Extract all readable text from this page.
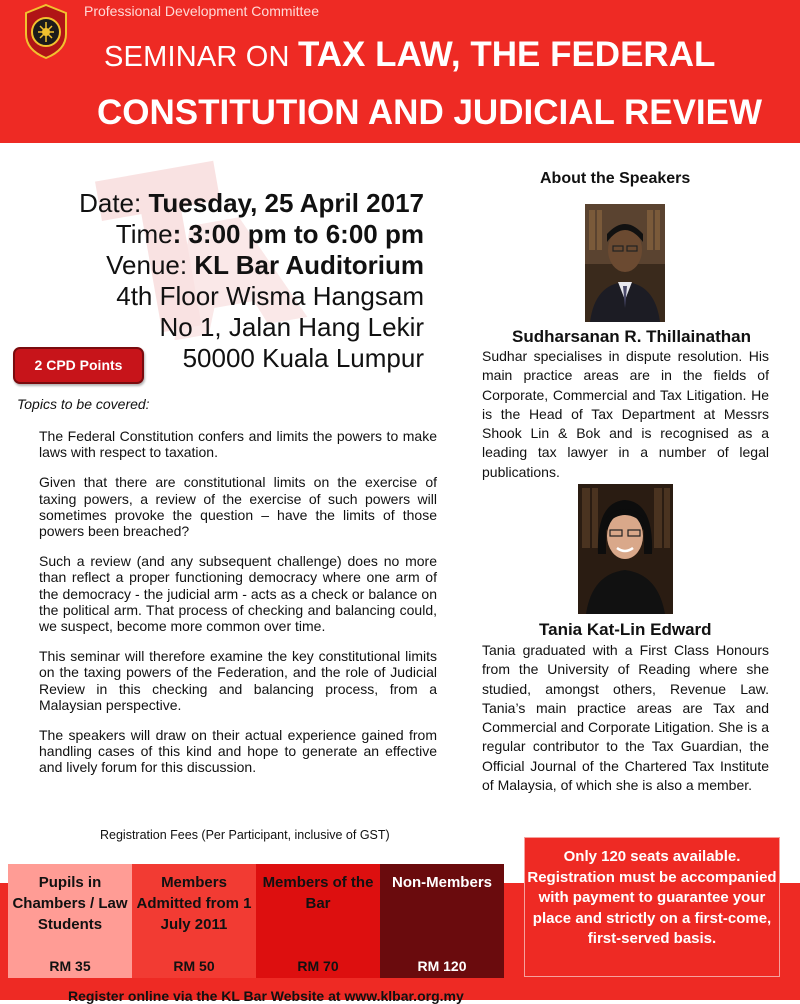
Professional Development Committee
SEMINAR ON TAX LAW, THE FEDERAL
CONSTITUTION AND JUDICIAL REVIEW
Date: Tuesday, 25 April 2017
Time: 3:00 pm to 6:00 pm
Venue: KL Bar Auditorium
4th Floor Wisma Hangsam
No 1, Jalan Hang Lekir
50000 Kuala Lumpur
2 CPD Points
Topics to be covered:

The Federal Constitution confers and limits the powers to make laws with respect to taxation.

Given that there are constitutional limits on the exercise of taxing powers, a review of the exercise of such powers will sometimes provoke the question – have the limits of those powers been breached?

Such a review (and any subsequent challenge) does no more than reflect a proper functioning democracy where one arm of the democracy - the judicial arm - acts as a check or balance on the political arm. That process of checking and balancing could, we suspect, become more common over time.

This seminar will therefore examine the key constitutional limits on the taxing powers of the Federation, and the role of Judicial Review in this checking and balancing process, from a Malaysian perspective.

The speakers will draw on their actual experience gained from handling cases of this kind and hope to generate an effective and lively forum for this discussion.

About the Speakers
Sudharsanan R. Thillainathan
Sudhar specialises in dispute resolution. His main practice areas are in the fields of Corporate, Commercial and Tax Litigation. He is the Head of Tax Department at Messrs Shook Lin & Bok and is recognised as a leading tax lawyer in a number of legal publications.
Tania Kat-Lin Edward
Tania graduated with a First Class Honours from the University of Reading where she studied, amongst others, Revenue Law. Tania’s main practice areas are Tax and Commercial and Corporate Litigation. She is a regular contributor to the Tax Guardian, the Official Journal of the Chartered Tax Institute of Malaysia, of which she is also a member.
Registration Fees (Per Participant, inclusive of GST)
Pupils in Chambers / Law Students
RM 35
Members Admitted from 1 July 2011
RM 50
Members of the Bar
RM 70
Non-Members
RM 120
Only 120 seats available. Registration must be accompanied with payment to guarantee your place and strictly on a first-come, first-served basis.
Register online via the KL Bar Website at www.klbar.org.my
